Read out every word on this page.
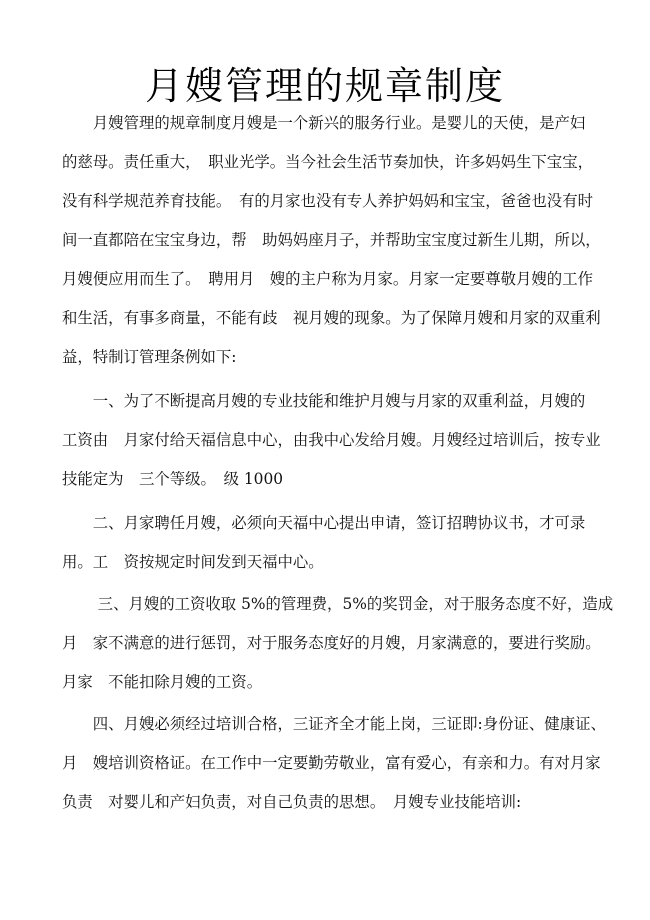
月嫂管理的规章制度
　　月嫂管理的规章制度月嫂是一个新兴的服务行业。是婴儿的天使，是产妇
的慈母。责任重大，　职业光学。当今社会生活节奏加快，许多妈妈生下宝宝，
没有科学规范养育技能。　有的月家也没有专人养护妈妈和宝宝，爸爸也没有时
间一直都陪在宝宝身边，帮　助妈妈座月子，并帮助宝宝度过新生儿期，所以，
月嫂便应用而生了。　聘用月　嫂的主户称为月家。月家一定要尊敬月嫂的工作
和生活，有事多商量，不能有歧　视月嫂的现象。为了保障月嫂和月家的双重利
益，特制订管理条例如下:
　　一、为了不断提高月嫂的专业技能和维护月嫂与月家的双重利益，月嫂的
工资由　月家付给天福信息中心，由我中心发给月嫂。月嫂经过培训后，按专业
技能定为　三个等级。　级 1000
　　二、月家聘任月嫂，必须向天福中心提出申请，签订招聘协议书，才可录
用。工　资按规定时间发到天福中心。
　　 三、月嫂的工资收取 5%的管理费，5%的奖罚金，对于服务态度不好，造成
月　家不满意的进行惩罚，对于服务态度好的月嫂，月家满意的，要进行奖励。
月家　不能扣除月嫂的工资。
　　四、月嫂必须经过培训合格，三证齐全才能上岗，三证即:身份证、健康证、
月　嫂培训资格证。在工作中一定要勤劳敬业，富有爱心，有亲和力。有对月家
负责　对婴儿和产妇负责，对自己负责的思想。　月嫂专业技能培训:
